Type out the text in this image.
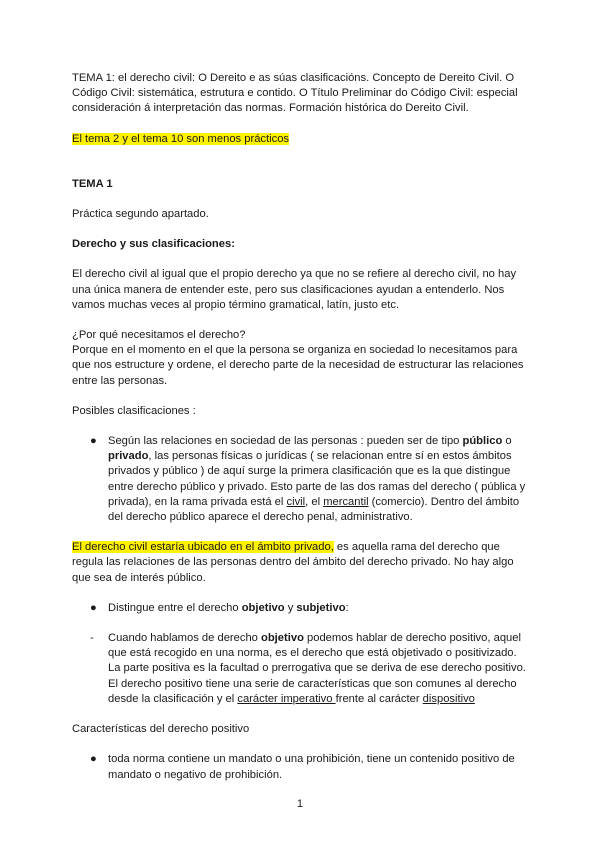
TEMA 1: el derecho civil: O Dereito e as súas clasificacións. Concepto de Dereito Civil. O Código Civil: sistemática, estrutura e contido. O Título Preliminar do Código Civil: especial consideración á interpretación das normas. Formación histórica do Dereito Civil.

El tema 2 y el tema 10 son menos prácticos

TEMA 1

Práctica segundo apartado.

Derecho y sus clasificaciones:

El derecho civil al igual que el propio derecho ya que no se refiere al derecho civil, no hay una única manera de entender este, pero sus clasificaciones ayudan a entenderlo. Nos vamos muchas veces al propio término gramatical, latín, justo etc.

¿Por qué necesitamos el derecho?

Porque en el momento en el que la persona se organiza en sociedad lo necesitamos para que nos estructure y ordene, el derecho parte de la necesidad de estructurar las relaciones entre las personas.

Posibles clasificaciones :

● Según las relaciones en sociedad de las personas : pueden ser de tipo público o privado, las personas físicas o jurídicas ( se relacionan entre sí en estos ámbitos privados y público ) de aquí surge la primera clasificación que es la que distingue entre derecho público y privado. Esto parte de las dos ramas del derecho ( pública y privada), en la rama privada está el civil, el mercantil (comercio). Dentro del ámbito del derecho público aparece el derecho penal, administrativo.

El derecho civil estaría ubicado en el ámbito privado, es aquella rama del derecho que regula las relaciones de las personas dentro del ámbito del derecho privado. No hay algo que sea de interés público.

● Distingue entre el derecho objetivo y subjetivo:

- Cuando hablamos de derecho objetivo podemos hablar de derecho positivo, aquel que está recogido en una norma, es el derecho que está objetivado o positivizado. La parte positiva es la facultad o prerrogativa que se deriva de ese derecho positivo. El derecho positivo tiene una serie de características que son comunes al derecho desde la clasificación y el carácter imperativo frente al carácter dispositivo

Características del derecho positivo

● toda norma contiene un mandato o una prohibición, tiene un contenido positivo de mandato o negativo de prohibición.

1
